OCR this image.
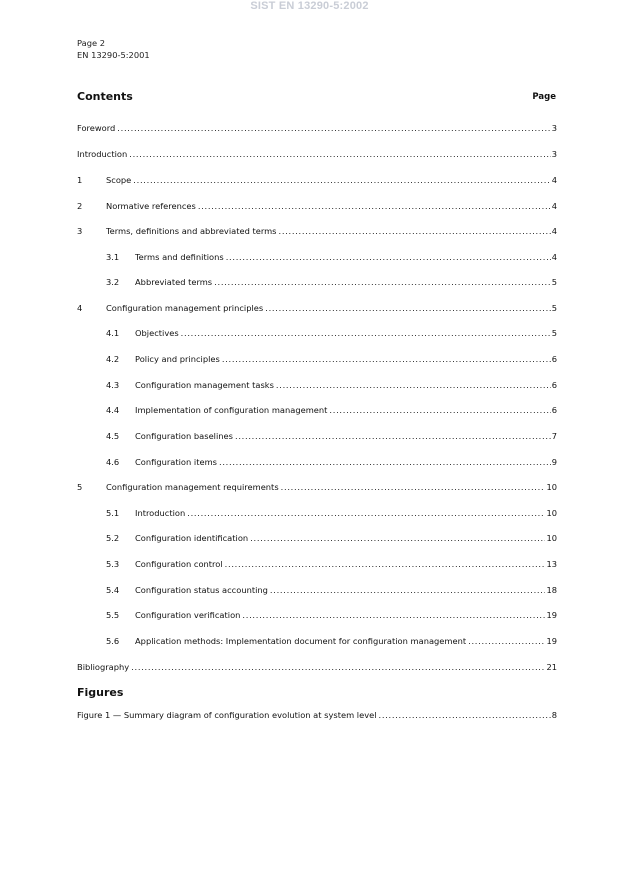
SIST EN 13290-5:2002
Page 2
EN 13290-5:2001
Contents	Page
Foreword .....	3
Introduction .....	3
1	Scope .....	4
2	Normative references .....	4
3	Terms, definitions and abbreviated terms .....	4
3.1	Terms and definitions .....	4
3.2	Abbreviated terms .....	5
4	Configuration management principles .....	5
4.1	Objectives .....	5
4.2	Policy and principles .....	6
4.3	Configuration management tasks .....	6
4.4	Implementation of configuration management .....	6
4.5	Configuration baselines .....	7
4.6	Configuration items .....	9
5	Configuration management requirements .....	10
5.1	Introduction .....	10
5.2	Configuration identification .....	10
5.3	Configuration control .....	13
5.4	Configuration status accounting .....	18
5.5	Configuration verification .....	19
5.6	Application methods: Implementation document for configuration management .....	19
Bibliography .....	21
Figures
Figure 1 — Summary diagram of configuration evolution at system level .....	8
